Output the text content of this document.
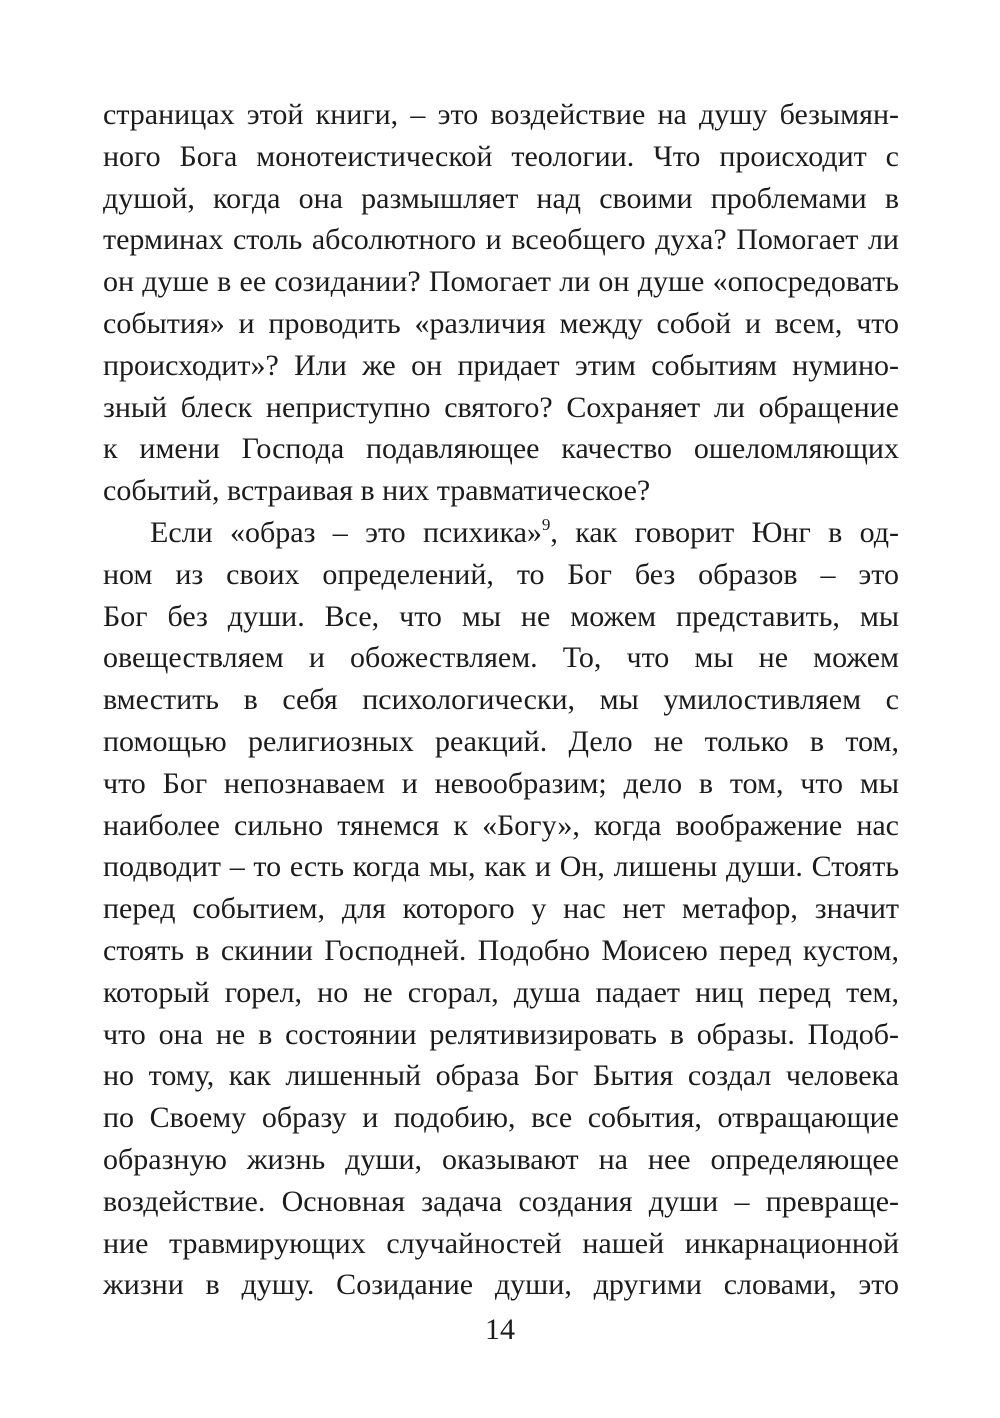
страницах этой книги, – это воздействие на душу безымян-
ного Бога монотеистической теологии. Что происходит с
душой, когда она размышляет над своими проблемами в
терминах столь абсолютного и всеобщего духа? Помогает ли
он душе в ее созидании? Помогает ли он душе «опосредовать
события» и проводить «различия между собой и всем, что
происходит»? Или же он придает этим событиям нумино-
зный блеск неприступно святого? Сохраняет ли обращение
к имени Господа подавляющее качество ошеломляющих
событий, встраивая в них травматическое?
Если «образ – это психика»$^9$, как говорит Юнг в од-
ном из своих определений, то Бог без образов – это
Бог без души. Все, что мы не можем представить, мы
овеществляем и обожествляем. То, что мы не можем
вместить в себя психологически, мы умилостивляем с
помощью религиозных реакций. Дело не только в том,
что Бог непознаваем и невообразим; дело в том, что мы
наиболее сильно тянемся к «Богу», когда воображение нас
подводит – то есть когда мы, как и Он, лишены души. Стоять
перед событием, для которого у нас нет метафор, значит
стоять в скинии Господней. Подобно Моисею перед кустом,
который горел, но не сгорал, душа падает ниц перед тем,
что она не в состоянии релятивизировать в образы. Подоб-
но тому, как лишенный образа Бог Бытия создал человека
по Своему образу и подобию, все события, отвращающие
образную жизнь души, оказывают на нее определяющее
воздействие. Основная задача создания души – превраще-
ние травмирующих случайностей нашей инкарнационной
жизни в душу. Созидание души, другими словами, это
14
